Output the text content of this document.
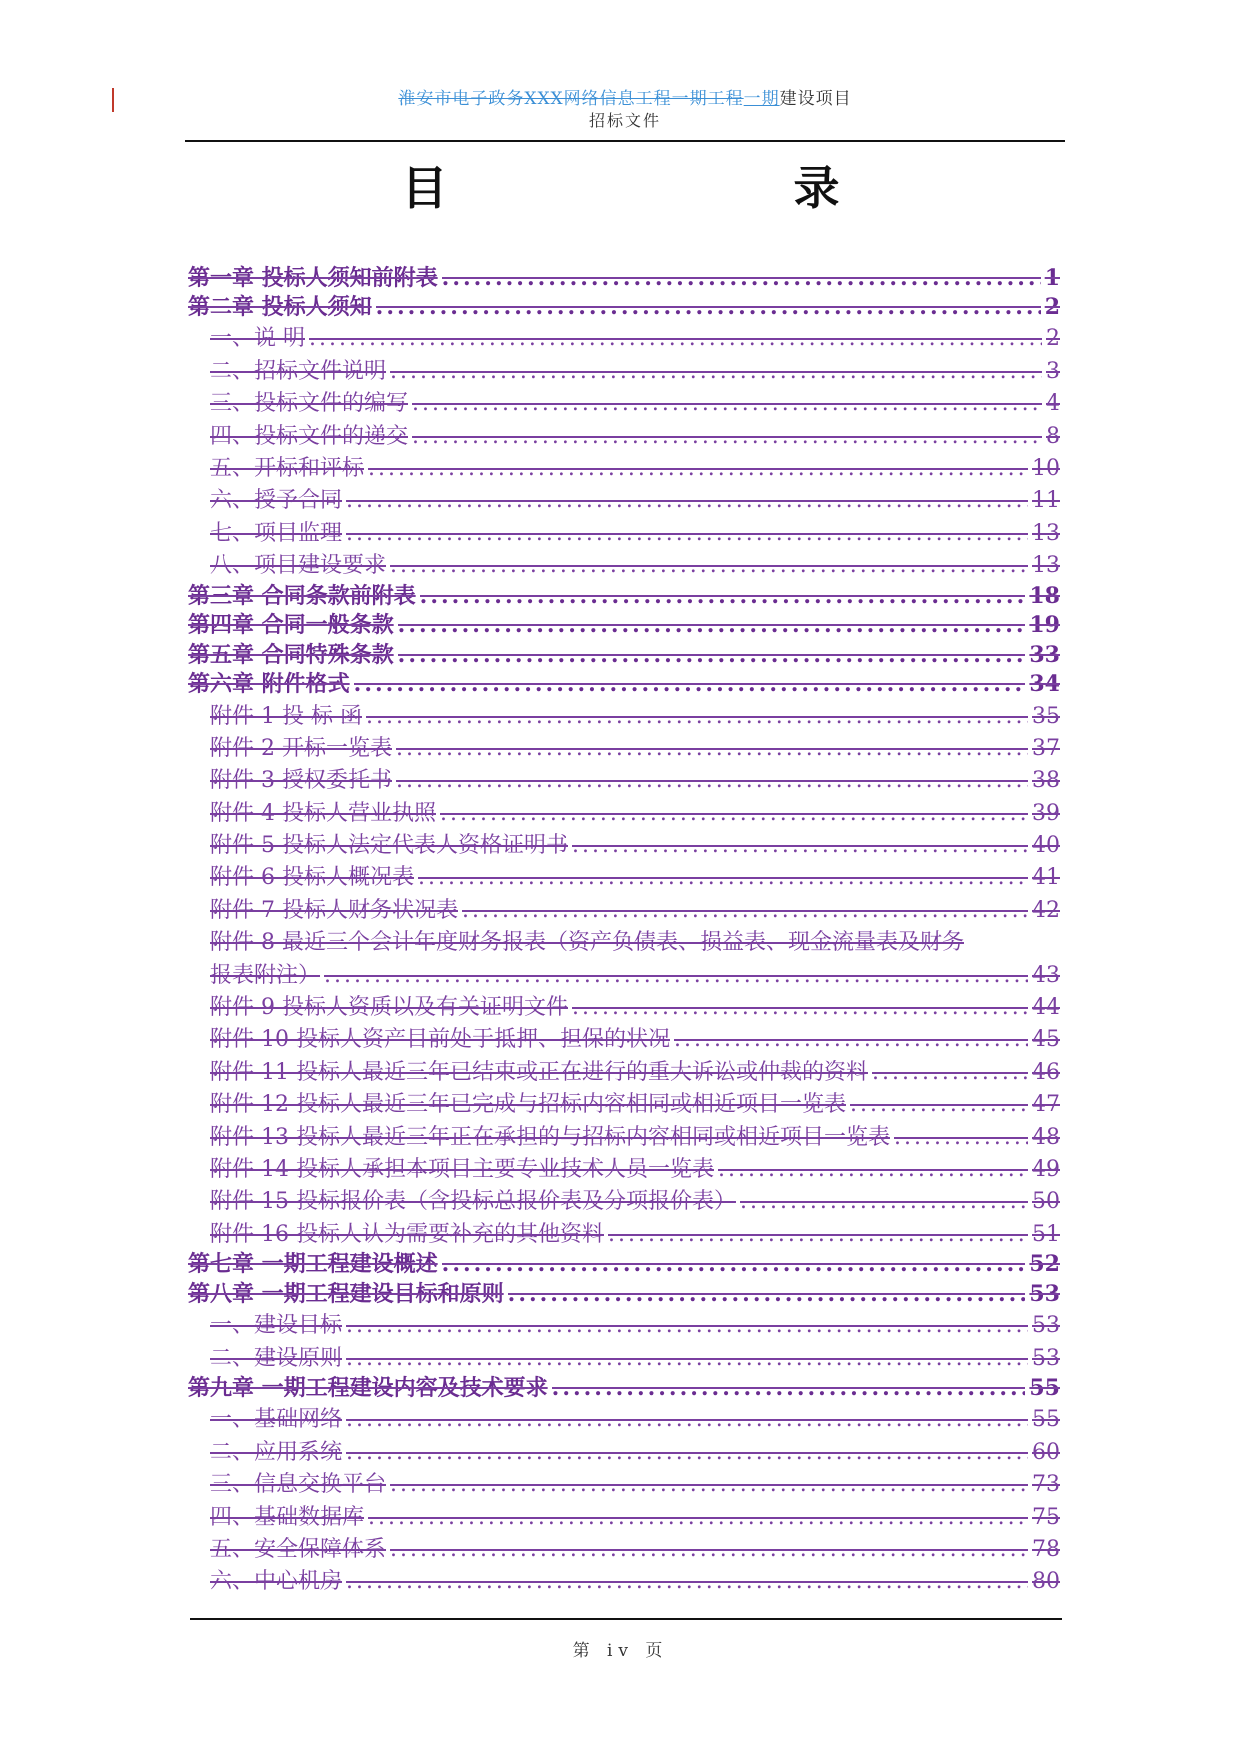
淮安市电子政务XXX网络信息工程一期工程一期建设项目
招标文件
目　录
第一章 投标人须知前附表 .....	1
第二章 投标人须知 .....	2
一、说 明 .....	2
二、招标文件说明 .....	3
三、投标文件的编写 .....	4
四、投标文件的递交 .....	8
五、开标和评标 .....	10
六、授予合同 .....	11
七、项目监理 .....	13
八、项目建设要求 .....	13
第三章 合同条款前附表 .....	18
第四章 合同一般条款 .....	19
第五章 合同特殊条款 .....	33
第六章 附件格式 .....	34
附件 1 投 标 函 .....	35
附件 2 开标一览表 .....	37
附件 3 授权委托书 .....	38
附件 4 投标人营业执照 .....	39
附件 5 投标人法定代表人资格证明书 .....	40
附件 6 投标人概况表 .....	41
附件 7 投标人财务状况表 .....	42
附件 8 最近三个会计年度财务报表（资产负债表、损益表、现金流量表及财务
报表附注） .....	43
附件 9 投标人资质以及有关证明文件 .....	44
附件 10 投标人资产目前处于抵押、担保的状况 .....	45
附件 11 投标人最近三年已结束或正在进行的重大诉讼或仲裁的资料 .....	46
附件 12 投标人最近三年已完成与招标内容相同或相近项目一览表 .....	47
附件 13 投标人最近三年正在承担的与招标内容相同或相近项目一览表 .....	48
附件 14 投标人承担本项目主要专业技术人员一览表 .....	49
附件 15 投标报价表（含投标总报价表及分项报价表） .....	50
附件 16 投标人认为需要补充的其他资料 .....	51
第七章 一期工程建设概述 .....	52
第八章 一期工程建设目标和原则 .....	53
一、建设目标 .....	53
二、建设原则 .....	53
第九章 一期工程建设内容及技术要求 .....	55
一、基础网络 .....	55
二、应用系统 .....	60
三、信息交换平台 .....	73
四、基础数据库 .....	75
五、安全保障体系 .....	78
六、中心机房 .....	80
第 iv 页
